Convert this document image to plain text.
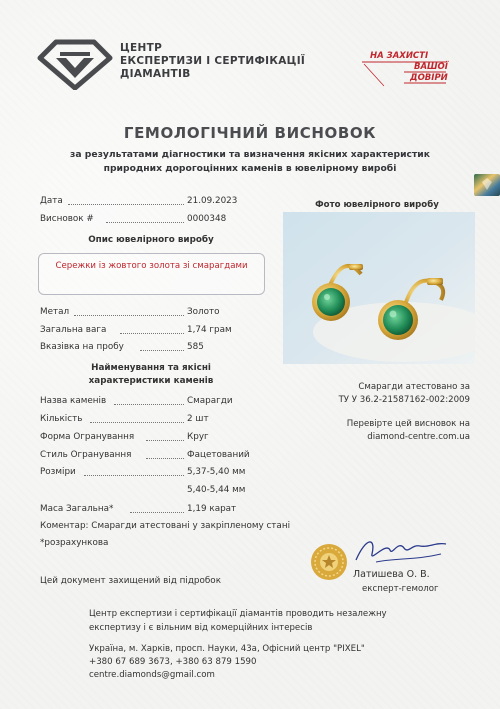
ЦЕНТР
ЕКСПЕРТИЗИ І СЕРТИФІКАЦІЇ
ДІАМАНТІВ
НА ЗАХИСТІ
ВАШОЇ
ДОВІРИ
ГЕМОЛОГІЧНИЙ ВИСНОВОК
за результатами діагностики та визначення якісних характеристик
природних дорогоцінних каменів в ювелірному виробі
Дата	21.09.2023
Висновок #	0000348
Опис ювелірного виробу
Сережки із жовтого золота зі смарагдами
Метал	Золото
Загальна вага	1,74 грам
Вказівка на пробу	585
Найменування та якісні
характеристики каменів
Назва каменів	Смарагди
Кількість	2 шт
Форма Огранування	Круг
Стиль Огранування	Фацетований
Розміри	5,37-5,40 мм
5,40-5,44 мм
Маса Загальна*	1,19 карат
Коментар: Смарагди атестовані у закріпленому стані
*розрахункова
Цей документ захищений від підробок
Фото ювелірного виробу
Смарагди атестовано за
ТУ У 36.2-21587162-002:2009
Перевірте цей висновок на
diamond-centre.com.ua
Латишева О. В.
експерт-гемолог
Центр експертизи і сертифікації діамантів проводить незалежну
експертизу і є вільним від комерційних інтересів
Україна, м. Харків, просп. Науки, 43а, Офісний центр "PIXEL"
+380 67 689 3673, +380 63 879 1590
centre.diamonds@gmail.com
